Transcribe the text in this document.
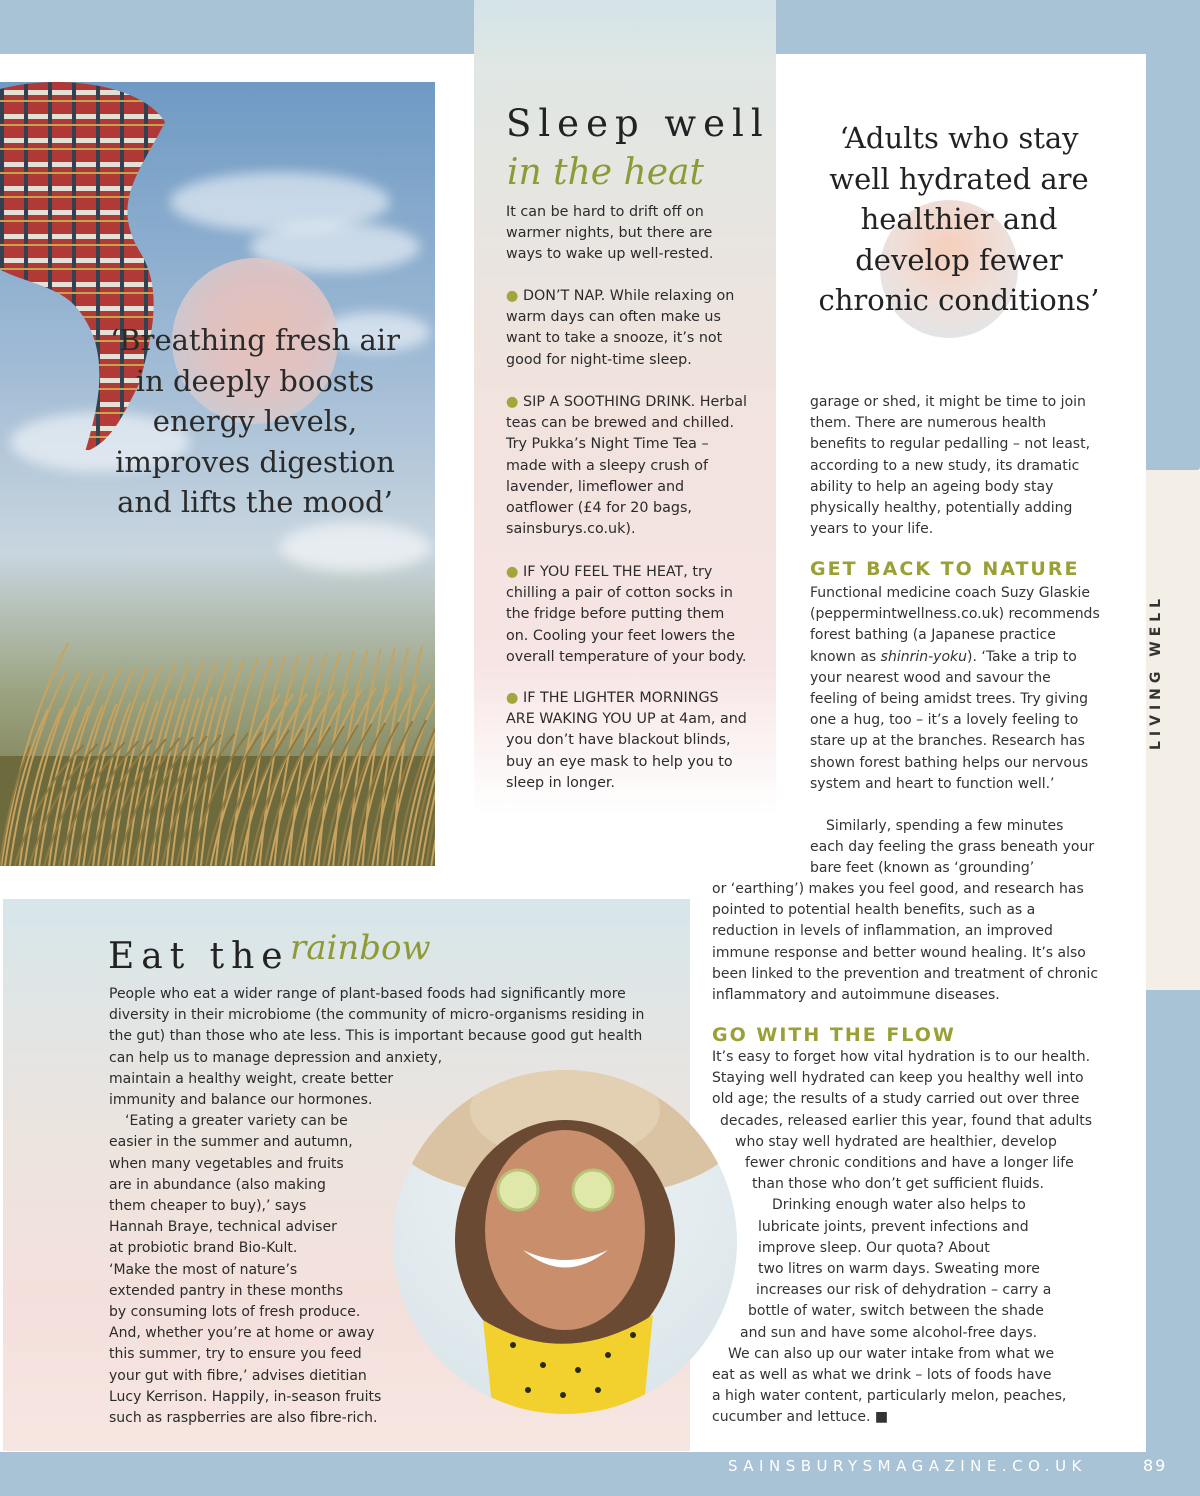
‘Breathing fresh air in deeply boosts energy levels, improves digestion and lifts the mood’

Sleep well

in the heat

It can be hard to drift off on warmer nights, but there are ways to wake up well-rested.

● DON’T NAP. While relaxing on warm days can often make us want to take a snooze, it’s not good for night-time sleep.

● SIP A SOOTHING DRINK. Herbal teas can be brewed and chilled. Try Pukka’s Night Time Tea – made with a sleepy crush of lavender, limeflower and oatflower (£4 for 20 bags, sainsburys.co.uk).

● IF YOU FEEL THE HEAT, try chilling a pair of cotton socks in the fridge before putting them on. Cooling your feet lowers the overall temperature of your body.

● IF THE LIGHTER MORNINGS ARE WAKING YOU UP at 4am, and you don’t have blackout blinds, buy an eye mask to help you to sleep in longer.

‘Adults who stay well hydrated are healthier and develop fewer chronic conditions’

garage or shed, it might be time to join them. There are numerous health benefits to regular pedalling – not least, according to a new study, its dramatic ability to help an ageing body stay physically healthy, potentially adding years to your life.

GET BACK TO NATURE

Functional medicine coach Suzy Glaskie (peppermintwellness.co.uk) recommends forest bathing (a Japanese practice known as shinrin-yoku). ‘Take a trip to your nearest wood and savour the feeling of being amidst trees. Try giving one a hug, too – it’s a lovely feeling to stare up at the branches. Research has shown forest bathing helps our nervous system and heart to function well.’

Similarly, spending a few minutes each day feeling the grass beneath your bare feet (known as ‘grounding’

or ‘earthing’) makes you feel good, and research has pointed to potential health benefits, such as a reduction in levels of inflammation, an improved immune response and better wound healing. It’s also been linked to the prevention and treatment of chronic inflammatory and autoimmune diseases.

GO WITH THE FLOW

It’s easy to forget how vital hydration is to our health.

Staying well hydrated can keep you healthy well into

old age; the results of a study carried out over three

decades, released earlier this year, found that adults

who stay well hydrated are healthier, develop

fewer chronic conditions and have a longer life

than those who don’t get sufficient fluids.

Drinking enough water also helps to

lubricate joints, prevent infections and

improve sleep. Our quota? About

two litres on warm days. Sweating more

increases our risk of dehydration – carry a

bottle of water, switch between the shade

and sun and have some alcohol-free days.

We can also up our water intake from what we

eat as well as what we drink – lots of foods have

a high water content, particularly melon, peaches,

cucumber and lettuce. ■

Eat the rainbow

People who eat a wider range of plant-based foods had significantly more

diversity in their microbiome (the community of micro-organisms residing in

the gut) than those who ate less. This is important because good gut health

can help us to manage depression and anxiety,

maintain a healthy weight, create better

immunity and balance our hormones.

‘Eating a greater variety can be

easier in the summer and autumn,

when many vegetables and fruits

are in abundance (also making

them cheaper to buy),’ says

Hannah Braye, technical adviser

at probiotic brand Bio-Kult.

‘Make the most of nature’s

extended pantry in these months

by consuming lots of fresh produce.

And, whether you’re at home or away

this summer, try to ensure you feed

your gut with fibre,’ advises dietitian

Lucy Kerrison. Happily, in-season fruits

such as raspberries are also fibre-rich.

LIVING WELL

SAINSBURYSMAGAZINE.CO.UK	89
